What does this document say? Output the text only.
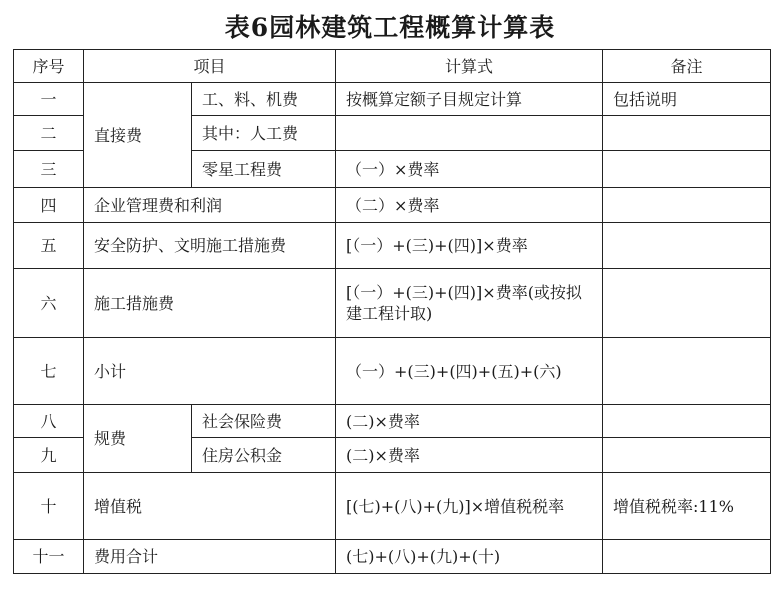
表6园林建筑工程概算计算表
序号	项目		计算式	备注
一	直接费	工、料、机费	按概算定额子目规定计算	包括说明
二		其中：人工费		
三		零星工程费	（一）×费率	
四	企业管理费和利润		（二）×费率	
五	安全防护、文明施工措施费		[（一）+(三)+(四)]×费率	
六	施工措施费		[（一）+(三)+(四)]×费率(或按拟建工程计取)	
七	小计		（一）+(三)+(四)+(五)+(六)	
八	规费	社会保险费	(二)×费率	
九		住房公积金	(二)×费率	
十	增值税		[(七)+(八)+(九)]×增值税税率	增值税税率:11%
十一	费用合计		(七)+(八)+(九)+(十)	
